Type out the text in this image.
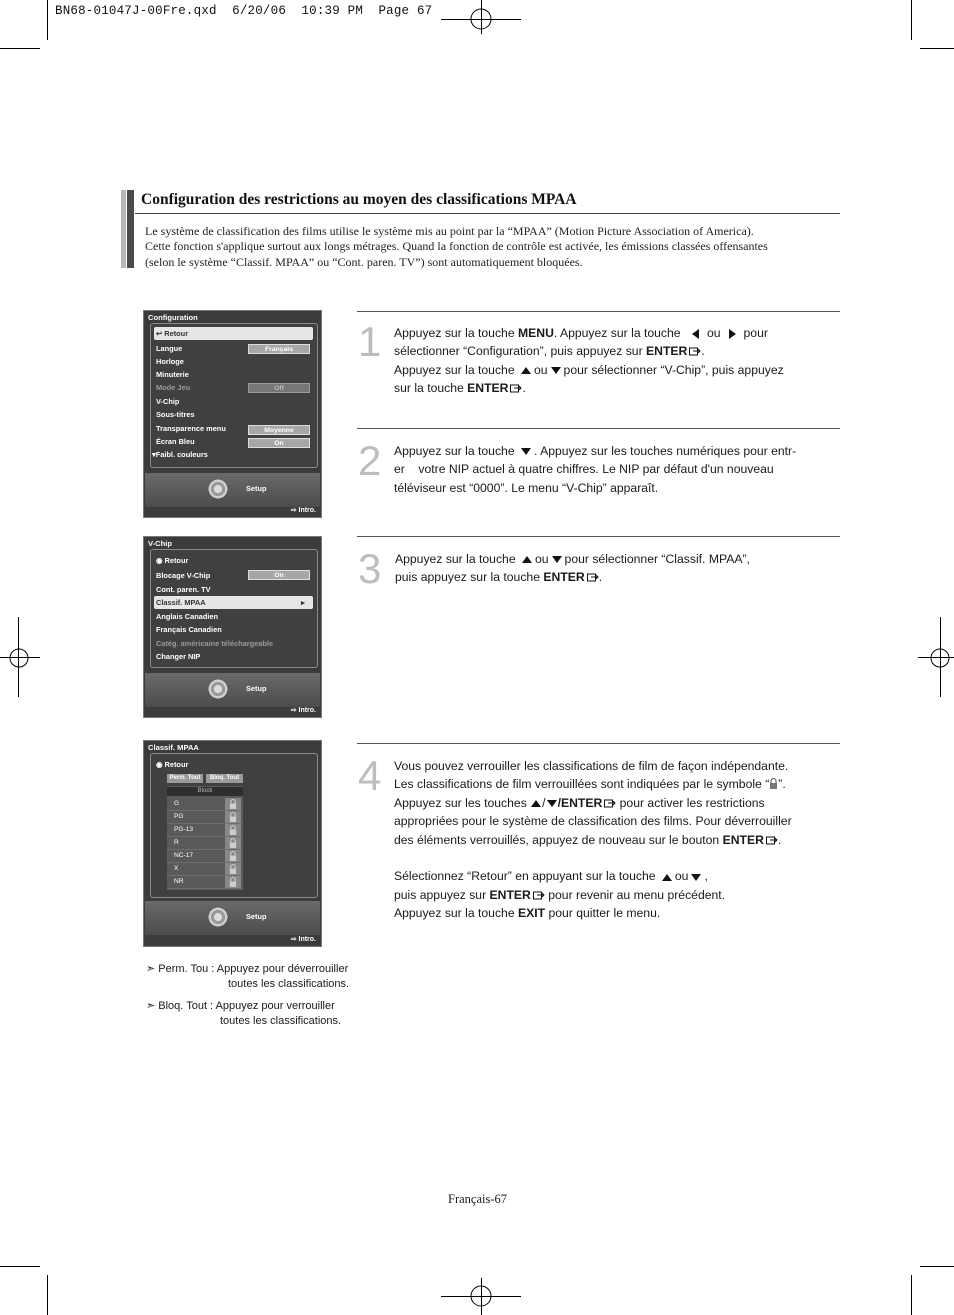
BN68-01047J-00Fre.qxd  6/20/06  10:39 PM  Page 67
Configuration des restrictions au moyen des classifications MPAA
Le système de classification des films utilise le système mis au point par la “MPAA” (Motion Picture Association of America).
Cette fonction s'applique surtout aux longs métrages. Quand la fonction de contrôle est activée, les émissions classées offensantes
(selon le système “Classif. MPAA” ou “Cont. paren. TV”) sont automatiquement bloquées.
Configuration
↩ Retour
Langue	Français
Horloge
Minuterie
Mode Jeu	Off
V-Chip
Sous-titres
Transparence menu	Moyenne
Écran Bleu	On
▾Faibl. couleurs
Setup
⇨ Intro.
V-Chip
◉ Retour
Blocage V-Chip	On
Cont. paren. TV
Classif. MPAA	▸
Anglais Canadien
Français Canadien
Catég. américaine téléchargeable
Changer NIP
Setup
⇨ Intro.
Classif. MPAA
◉ Retour
Perm. Tout	Bloq. Tout
Block
G
PG
PG-13
R
NC-17
X
NR
Setup
⇨ Intro.
1 Appuyez sur la touche MENU. Appuyez sur la touche ou pour
sélectionner “Configuration”, puis appuyez sur ENTER .
Appuyez sur la touche ou pour sélectionner “V-Chip”, puis appuyez
sur la touche ENTER .
2 Appuyez sur la touche . Appuyez sur les touches numériques pour entr-
er    votre NIP actuel à quatre chiffres. Le NIP par défaut d'un nouveau
téléviseur est “0000”. Le menu “V-Chip” apparaît.
3 Appuyez sur la touche ou pour sélectionner “Classif. MPAA”,
puis appuyez sur la touche ENTER .
4 Vous pouvez verrouiller les classifications de film de façon indépendante.
Les classifications de film verrouillées sont indiquées par le symbole “ ”.
Appuyez sur les touches / /ENTER pour activer les restrictions
appropriées pour le système de classification des films. Pour déverrouiller
des éléments verrouillés, appuyez de nouveau sur le bouton ENTER .
Sélectionnez “Retour” en appuyant sur la touche ou ,
puis appuyez sur ENTER pour revenir au menu précédent.
Appuyez sur la touche EXIT pour quitter le menu.
➣ Perm. Tou : Appuyez pour déverrouiller
toutes les classifications.
➣ Bloq. Tout : Appuyez pour verrouiller
toutes les classifications.
Français-67
